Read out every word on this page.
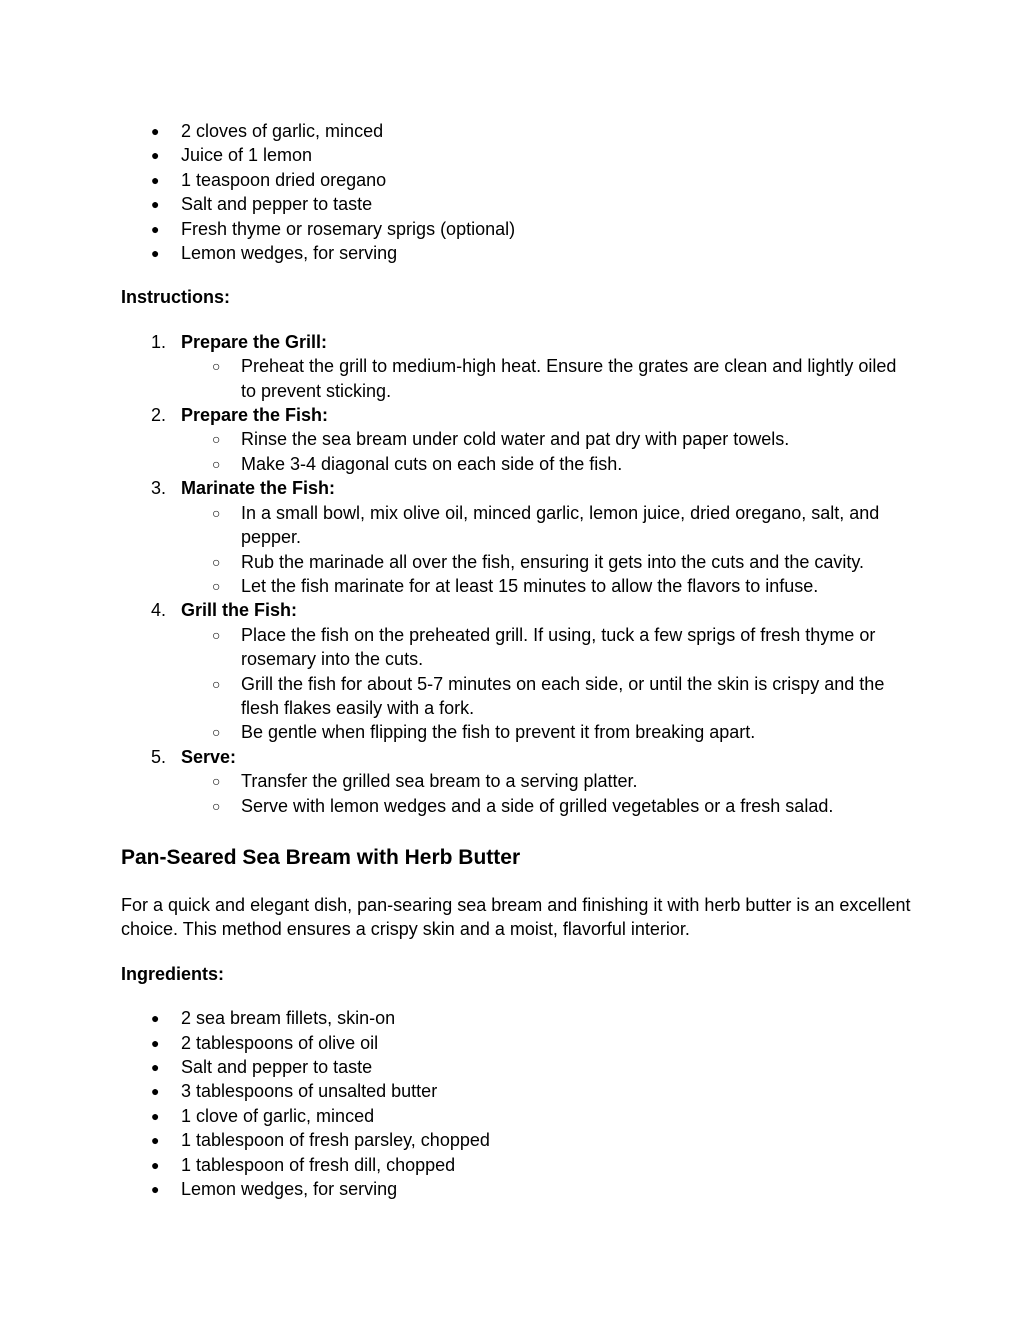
● 2 cloves of garlic, minced
● Juice of 1 lemon
● 1 teaspoon dried oregano
● Salt and pepper to taste
● Fresh thyme or rosemary sprigs (optional)
● Lemon wedges, for serving
Instructions:
1. Prepare the Grill:
○ Preheat the grill to medium-high heat. Ensure the grates are clean and lightly oiled to prevent sticking.
2. Prepare the Fish:
○ Rinse the sea bream under cold water and pat dry with paper towels.
○ Make 3-4 diagonal cuts on each side of the fish.
3. Marinate the Fish:
○ In a small bowl, mix olive oil, minced garlic, lemon juice, dried oregano, salt, and pepper.
○ Rub the marinade all over the fish, ensuring it gets into the cuts and the cavity.
○ Let the fish marinate for at least 15 minutes to allow the flavors to infuse.
4. Grill the Fish:
○ Place the fish on the preheated grill. If using, tuck a few sprigs of fresh thyme or rosemary into the cuts.
○ Grill the fish for about 5-7 minutes on each side, or until the skin is crispy and the flesh flakes easily with a fork.
○ Be gentle when flipping the fish to prevent it from breaking apart.
5. Serve:
○ Transfer the grilled sea bream to a serving platter.
○ Serve with lemon wedges and a side of grilled vegetables or a fresh salad.
Pan-Seared Sea Bream with Herb Butter

For a quick and elegant dish, pan-searing sea bream and finishing it with herb butter is an excellent choice. This method ensures a crispy skin and a moist, flavorful interior.

Ingredients:
● 2 sea bream fillets, skin-on
● 2 tablespoons of olive oil
● Salt and pepper to taste
● 3 tablespoons of unsalted butter
● 1 clove of garlic, minced
● 1 tablespoon of fresh parsley, chopped
● 1 tablespoon of fresh dill, chopped
● Lemon wedges, for serving
